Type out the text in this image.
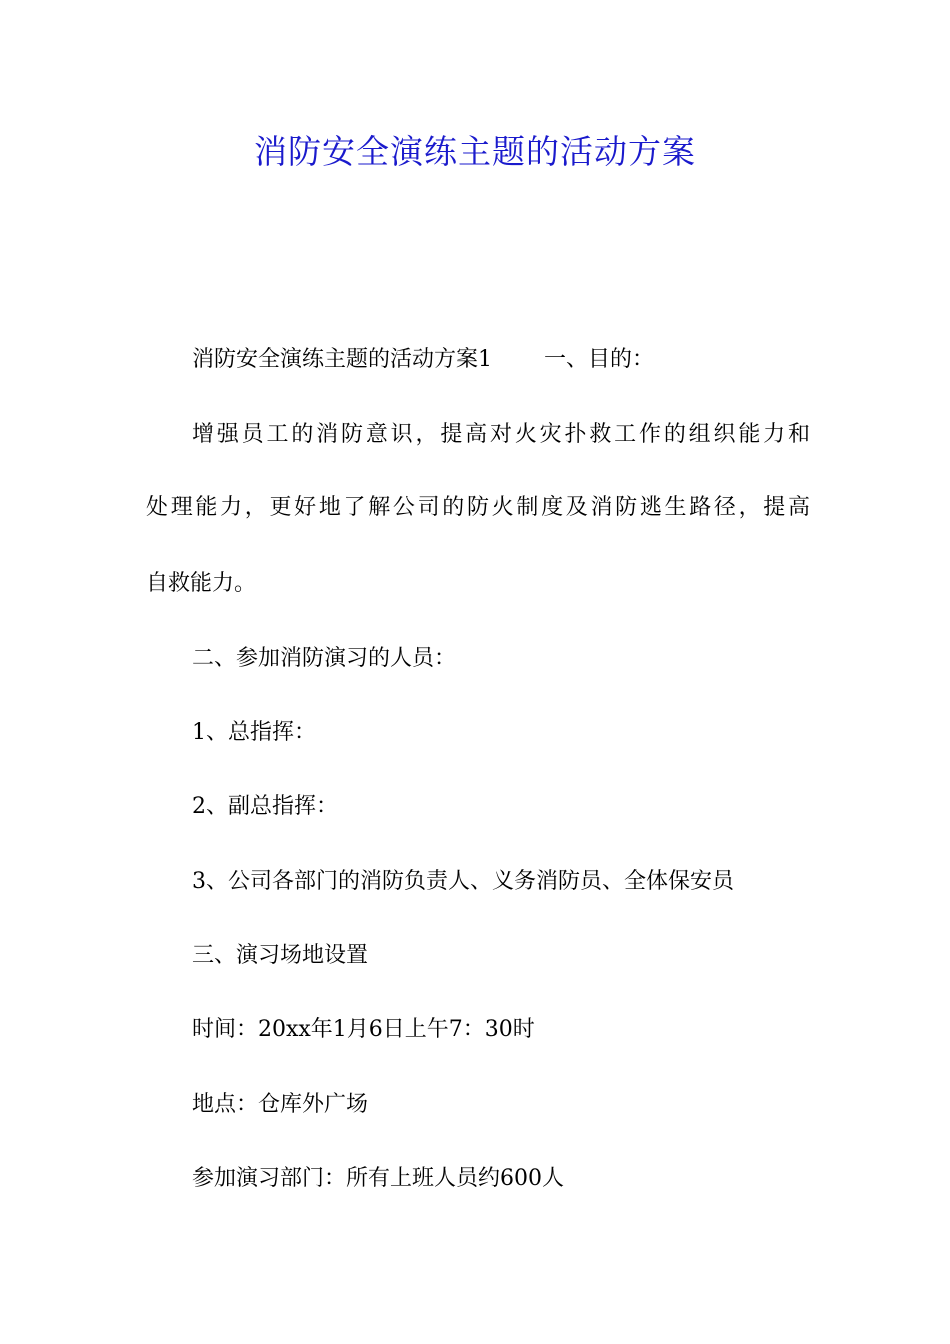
消防安全演练主题的活动方案

消防安全演练主题的活动方案1 一、目的：

增强员工的消防意识，提高对火灾扑救工作的组织能力和

处理能力，更好地了解公司的防火制度及消防逃生路径，提高

自救能力。

二、参加消防演习的人员：

1、总指挥：

2、副总指挥：

3、公司各部门的消防负责人、义务消防员、全体保安员

三、演习场地设置

时间：20xx年1月6日上午7：30时

地点：仓库外广场

参加演习部门：所有上班人员约600人
